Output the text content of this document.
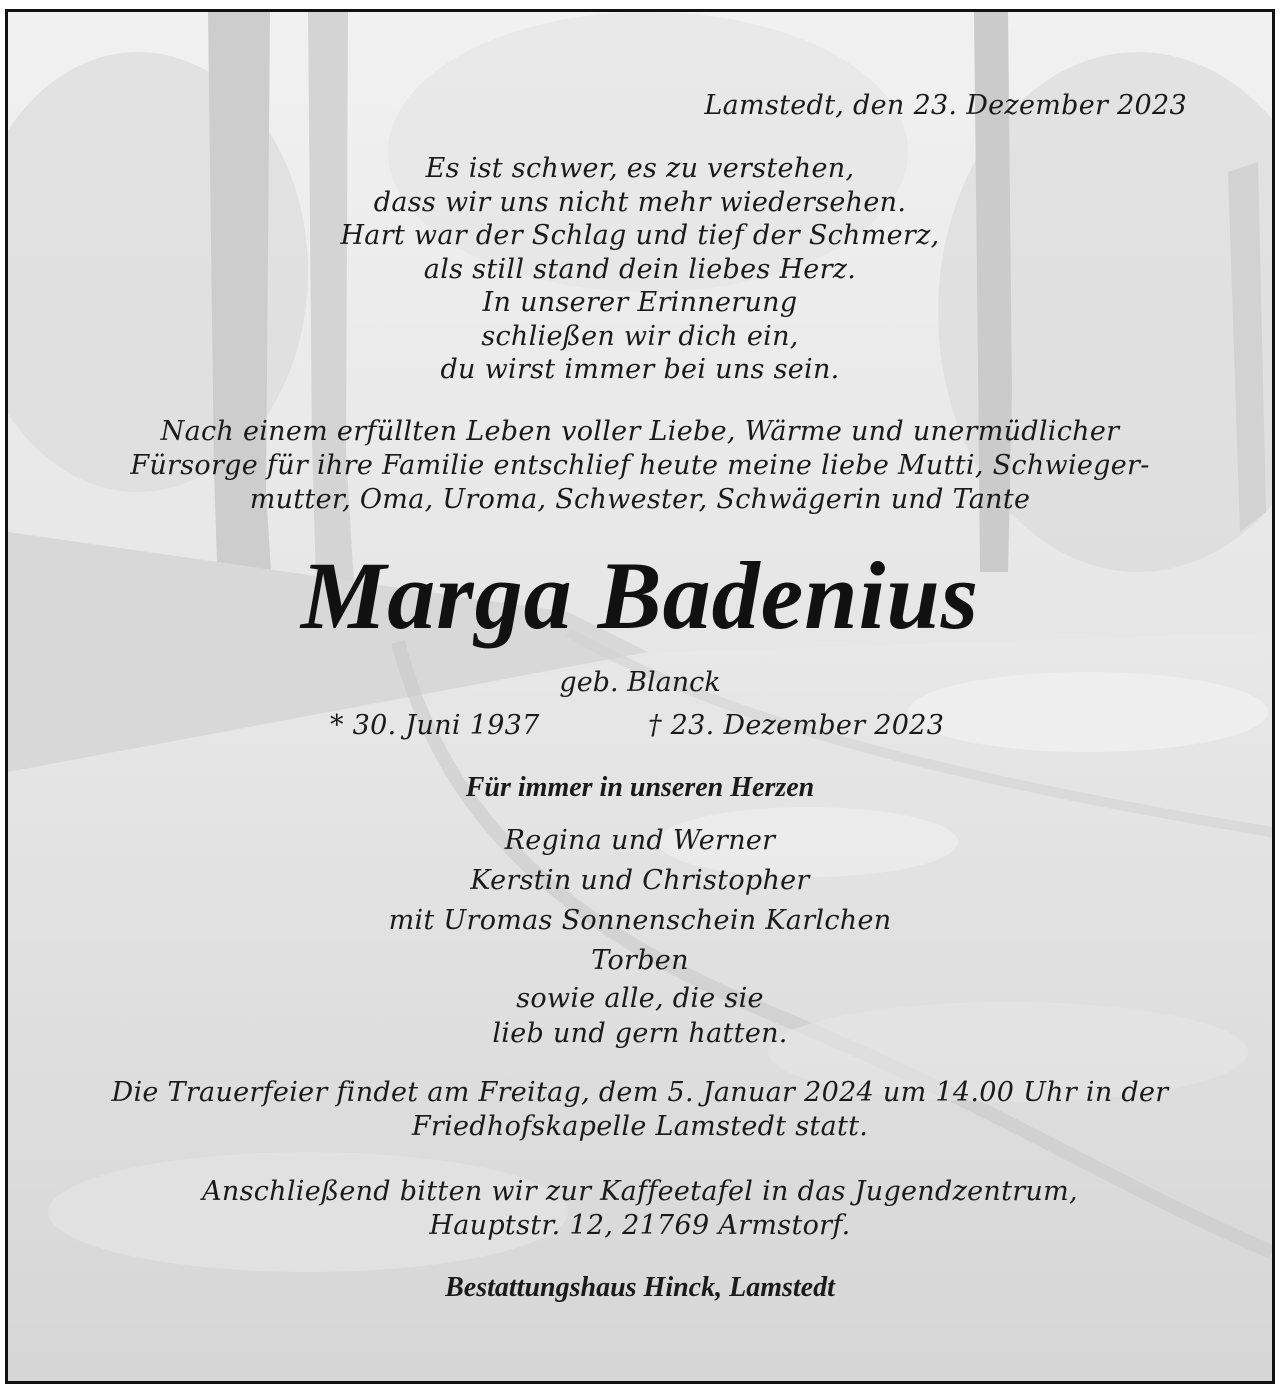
Lamstedt, den 23. Dezember 2023
Es ist schwer, es zu verstehen,
dass wir uns nicht mehr wiedersehen.
Hart war der Schlag und tief der Schmerz,
als still stand dein liebes Herz.
In unserer Erinnerung
schließen wir dich ein,
du wirst immer bei uns sein.
Nach einem erfüllten Leben voller Liebe, Wärme und unermüdlicher
Fürsorge für ihre Familie entschlief heute meine liebe Mutti, Schwieger-
mutter, Oma, Uroma, Schwester, Schwägerin und Tante
Marga Badenius
geb. Blanck
* 30. Juni 1937	† 23. Dezember 2023
Für immer in unseren Herzen
Regina und Werner
Kerstin und Christopher
mit Uromas Sonnenschein Karlchen
Torben
sowie alle, die sie
lieb und gern hatten.
Die Trauerfeier findet am Freitag, dem 5. Januar 2024 um 14.00 Uhr in der
Friedhofskapelle Lamstedt statt.
Anschließend bitten wir zur Kaffeetafel in das Jugendzentrum,
Hauptstr. 12, 21769 Armstorf.
Bestattungshaus Hinck, Lamstedt
